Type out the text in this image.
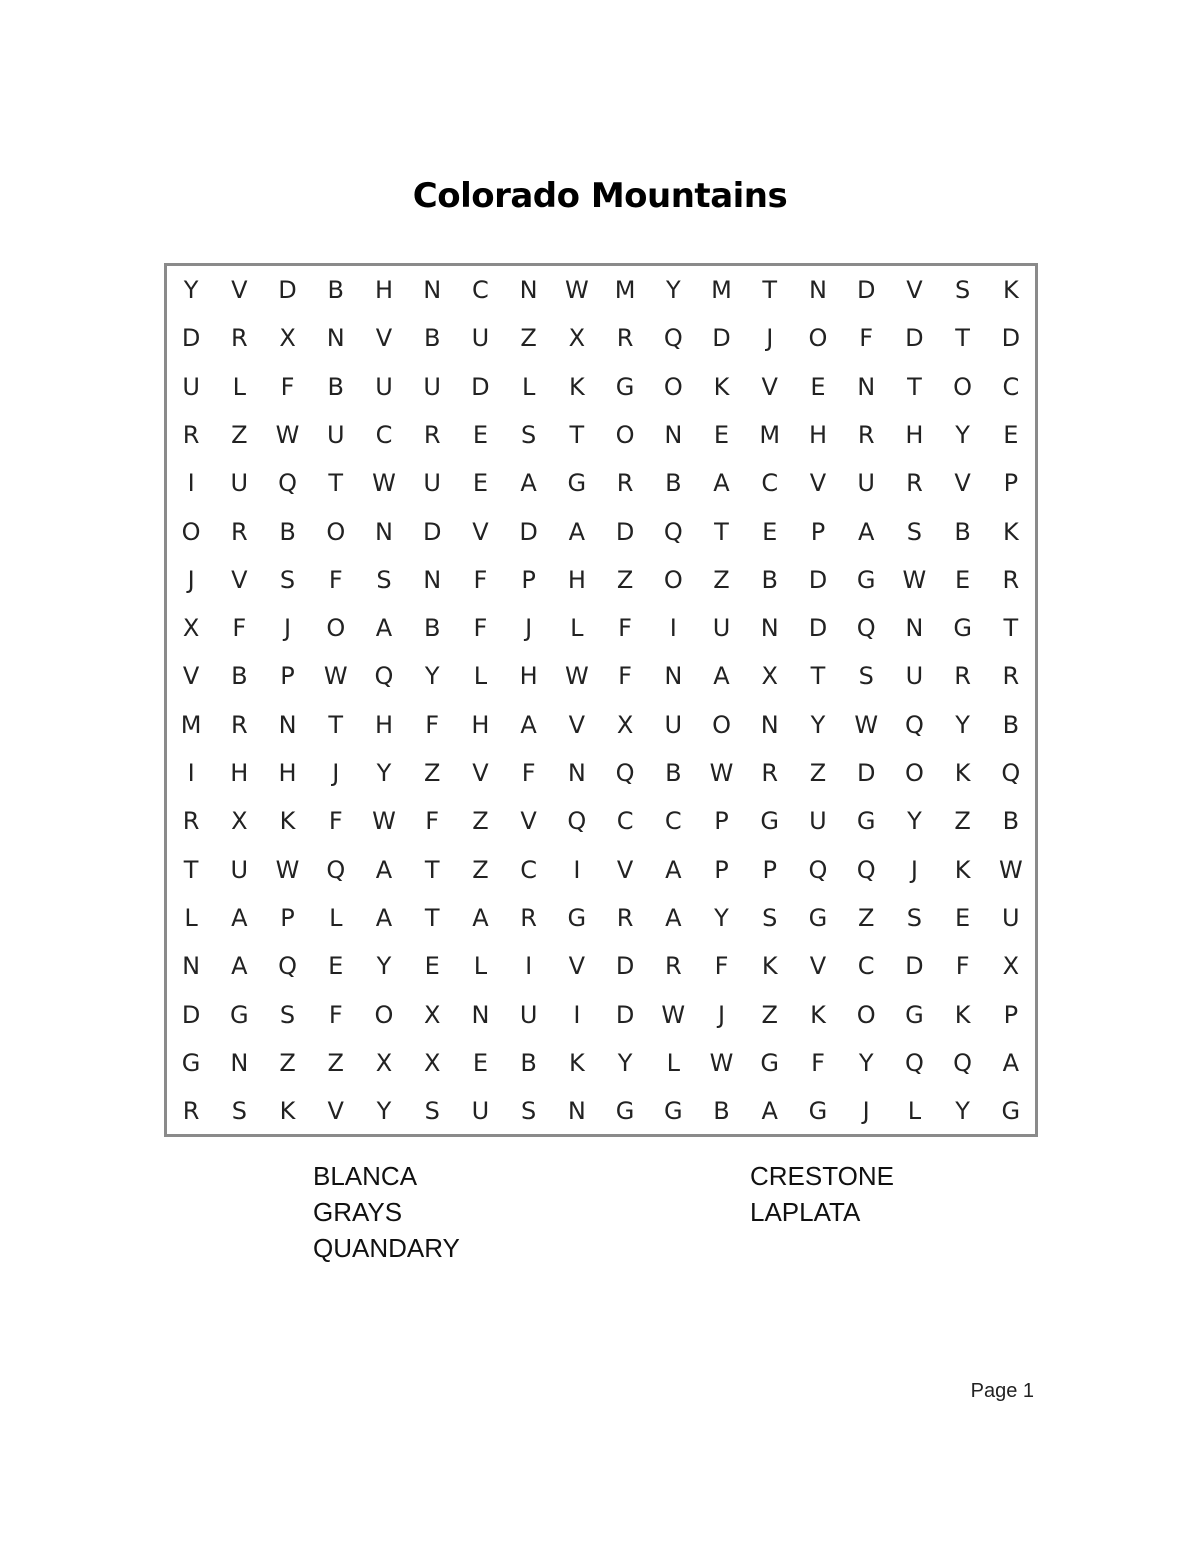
Colorado Mountains
Y	V	D	B	H	N	C	N	W	M	Y	M	T	N	D	V	S	K
D	R	X	N	V	B	U	Z	X	R	Q	D	J	O	F	D	T	D
U	L	F	B	U	U	D	L	K	G	O	K	V	E	N	T	O	C
R	Z	W	U	C	R	E	S	T	O	N	E	M	H	R	H	Y	E
I	U	Q	T	W	U	E	A	G	R	B	A	C	V	U	R	V	P
O	R	B	O	N	D	V	D	A	D	Q	T	E	P	A	S	B	K
J	V	S	F	S	N	F	P	H	Z	O	Z	B	D	G	W	E	R
X	F	J	O	A	B	F	J	L	F	I	U	N	D	Q	N	G	T
V	B	P	W	Q	Y	L	H	W	F	N	A	X	T	S	U	R	R
M	R	N	T	H	F	H	A	V	X	U	O	N	Y	W	Q	Y	B
I	H	H	J	Y	Z	V	F	N	Q	B	W	R	Z	D	O	K	Q
R	X	K	F	W	F	Z	V	Q	C	C	P	G	U	G	Y	Z	B
T	U	W	Q	A	T	Z	C	I	V	A	P	P	Q	Q	J	K	W
L	A	P	L	A	T	A	R	G	R	A	Y	S	G	Z	S	E	U
N	A	Q	E	Y	E	L	I	V	D	R	F	K	V	C	D	F	X
D	G	S	F	O	X	N	U	I	D	W	J	Z	K	O	G	K	P
G	N	Z	Z	X	X	E	B	K	Y	L	W	G	F	Y	Q	Q	A
R	S	K	V	Y	S	U	S	N	G	G	B	A	G	J	L	Y	G
BLANCA
GRAYS
QUANDARY
CRESTONE
LAPLATA
Page 1
